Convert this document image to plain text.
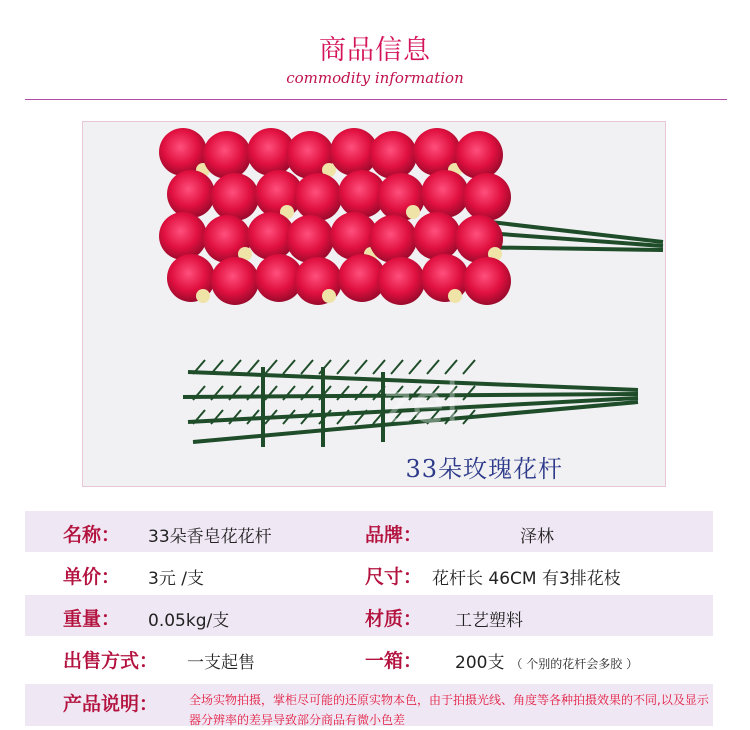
商品信息
commodity information
zel
33朵玫瑰花杆
名称： 33朵香皂花花杆	品牌：	泽林
单价： 3元 /支	尺寸： 花杆长 46CM 有3排花枝
重量： 0.05kg/支	材质： 工艺塑料
出售方式： 一支起售	一箱： 200支 （ 个别的花杆会多胶 ）
产品说明：	全场实物拍摄，掌柜尽可能的还原实物本色，由于拍摄光线、角度等各种拍摄效果的不同,以及显示器分辨率的差异导致部分商品有微小色差
